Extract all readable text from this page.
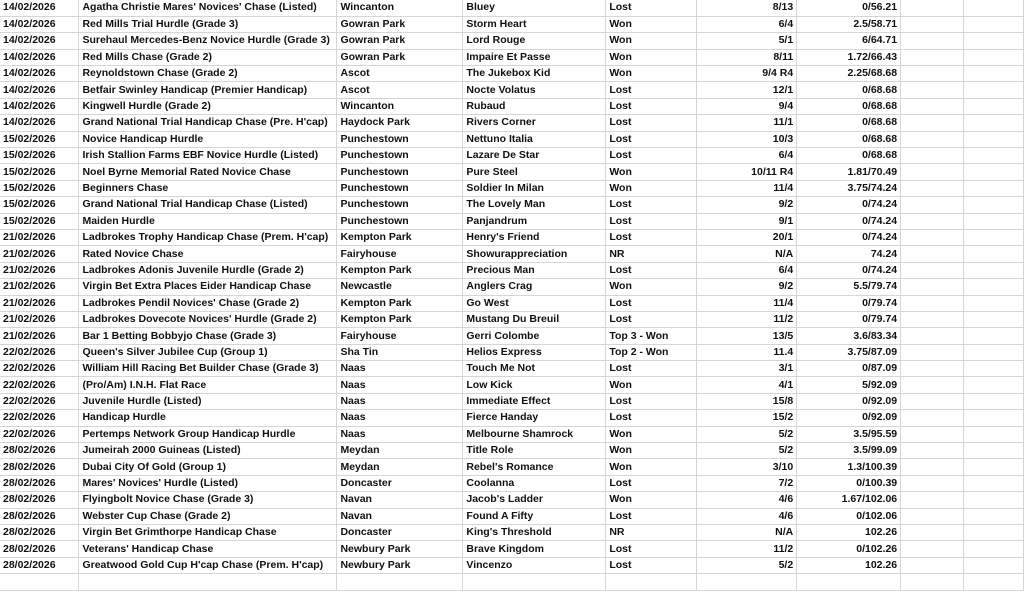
14/02/2026	Agatha Christie Mares' Novices' Chase (Listed)	Wincanton	Bluey	Lost	8/13	0/56.21		
14/02/2026	Red Mills Trial Hurdle (Grade 3)	Gowran Park	Storm Heart	Won	6/4	2.5/58.71		
14/02/2026	Surehaul Mercedes-Benz Novice Hurdle (Grade 3)	Gowran Park	Lord Rouge	Won	5/1	6/64.71		
14/02/2026	Red Mills Chase (Grade 2)	Gowran Park	Impaire Et Passe	Won	8/11	1.72/66.43		
14/02/2026	Reynoldstown Chase (Grade 2)	Ascot	The Jukebox Kid	Won	9/4 R4	2.25/68.68		
14/02/2026	Betfair Swinley Handicap (Premier Handicap)	Ascot	Nocte Volatus	Lost	12/1	0/68.68		
14/02/2026	Kingwell Hurdle (Grade 2)	Wincanton	Rubaud	Lost	9/4	0/68.68		
14/02/2026	Grand National Trial Handicap Chase (Pre. H'cap)	Haydock Park	Rivers Corner	Lost	11/1	0/68.68		
15/02/2026	Novice Handicap Hurdle	Punchestown	Nettuno Italia	Lost	10/3	0/68.68		
15/02/2026	Irish Stallion Farms EBF Novice Hurdle (Listed)	Punchestown	Lazare De Star	Lost	6/4	0/68.68		
15/02/2026	Noel Byrne Memorial Rated Novice Chase	Punchestown	Pure Steel	Won	10/11 R4	1.81/70.49		
15/02/2026	Beginners Chase	Punchestown	Soldier In Milan	Won	11/4	3.75/74.24		
15/02/2026	Grand National Trial Handicap Chase (Listed)	Punchestown	The Lovely Man	Lost	9/2	0/74.24		
15/02/2026	Maiden Hurdle	Punchestown	Panjandrum	Lost	9/1	0/74.24		
21/02/2026	Ladbrokes Trophy Handicap Chase (Prem. H'cap)	Kempton Park	Henry's Friend	Lost	20/1	0/74.24		
21/02/2026	Rated Novice Chase	Fairyhouse	Showurappreciation	NR	N/A	74.24		
21/02/2026	Ladbrokes Adonis Juvenile Hurdle (Grade 2)	Kempton Park	Precious Man	Lost	6/4	0/74.24		
21/02/2026	Virgin Bet Extra Places Eider Handicap Chase	Newcastle	Anglers Crag	Won	9/2	5.5/79.74		
21/02/2026	Ladbrokes Pendil Novices' Chase (Grade 2)	Kempton Park	Go West	Lost	11/4	0/79.74		
21/02/2026	Ladbrokes Dovecote Novices' Hurdle (Grade 2)	Kempton Park	Mustang Du Breuil	Lost	11/2	0/79.74		
21/02/2026	Bar 1 Betting Bobbyjo Chase (Grade 3)	Fairyhouse	Gerri Colombe	Top 3 - Won	13/5	3.6/83.34		
22/02/2026	Queen's Silver Jubilee Cup (Group 1)	Sha Tin	Helios Express	Top 2 - Won	11.4	3.75/87.09		
22/02/2026	William Hill Racing Bet Builder Chase (Grade 3)	Naas	Touch Me Not	Lost	3/1	0/87.09		
22/02/2026	(Pro/Am) I.N.H. Flat Race	Naas	Low Kick	Won	4/1	5/92.09		
22/02/2026	Juvenile Hurdle (Listed)	Naas	Immediate Effect	Lost	15/8	0/92.09		
22/02/2026	Handicap Hurdle	Naas	Fierce Handay	Lost	15/2	0/92.09		
22/02/2026	Pertemps Network Group Handicap Hurdle	Naas	Melbourne Shamrock	Won	5/2	3.5/95.59		
28/02/2026	Jumeirah 2000 Guineas (Listed)	Meydan	Title Role	Won	5/2	3.5/99.09		
28/02/2026	Dubai City Of Gold (Group 1)	Meydan	Rebel's Romance	Won	3/10	1.3/100.39		
28/02/2026	Mares' Novices' Hurdle (Listed)	Doncaster	Coolanna	Lost	7/2	0/100.39		
28/02/2026	Flyingbolt Novice Chase (Grade 3)	Navan	Jacob's Ladder	Won	4/6	1.67/102.06		
28/02/2026	Webster Cup Chase (Grade 2)	Navan	Found A Fifty	Lost	4/6	0/102.06		
28/02/2026	Virgin Bet Grimthorpe Handicap Chase	Doncaster	King's Threshold	NR	N/A	102.26		
28/02/2026	Veterans' Handicap Chase	Newbury Park	Brave Kingdom	Lost	11/2	0/102.26		
28/02/2026	Greatwood Gold Cup H'cap Chase (Prem. H'cap)	Newbury Park	Vincenzo	Lost	5/2	102.26		
